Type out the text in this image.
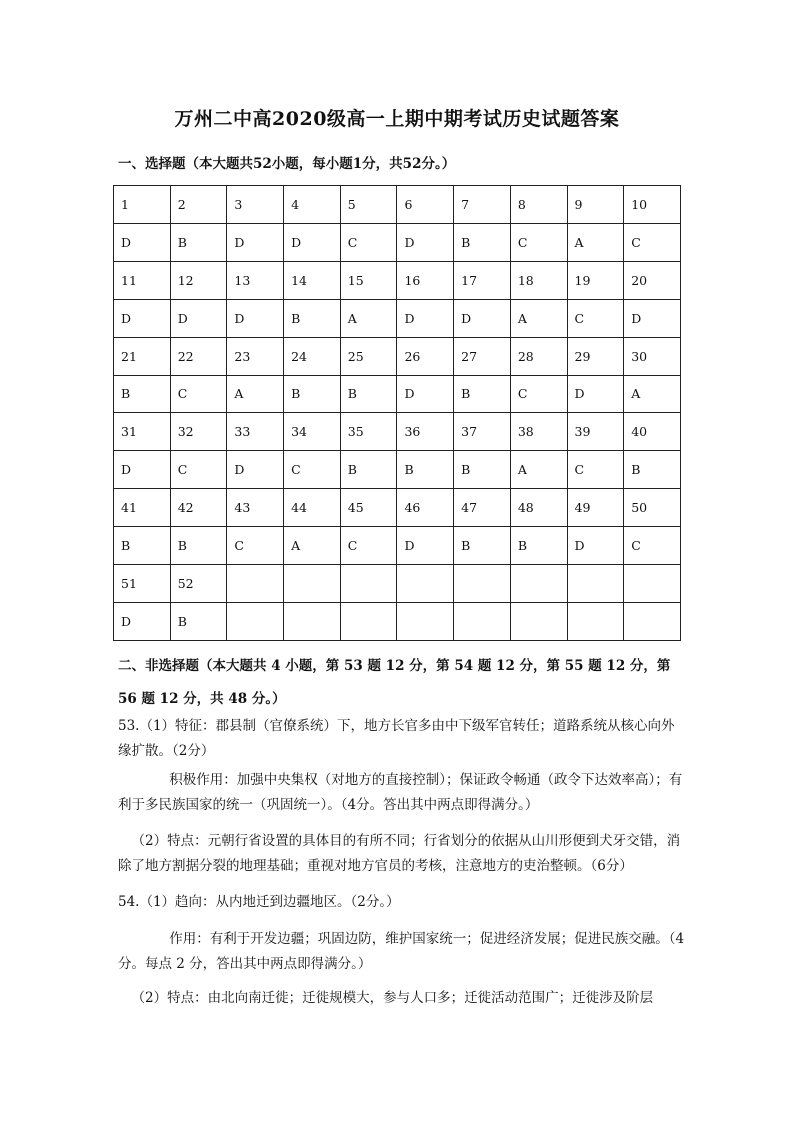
万州二中高2020级高一上期中期考试历史试题答案

一、选择题（本大题共52小题，每小题1分，共52分。）

1	2	3	4	5	6	7	8	9	10
D	B	D	D	C	D	B	C	A	C
11	12	13	14	15	16	17	18	19	20
D	D	D	B	A	D	D	A	C	D
21	22	23	24	25	26	27	28	29	30
B	C	A	B	B	D	B	C	D	A
31	32	33	34	35	36	37	38	39	40
D	C	D	C	B	B	B	A	C	B
41	42	43	44	45	46	47	48	49	50
B	B	C	A	C	D	B	B	D	C
51	52								
D	B								

二、非选择题（本大题共 4 小题，第 53 题 12 分，第 54 题 12 分，第 55 题 12 分，第 56 题 12 分，共 48 分。）

53.（1）特征：郡县制（官僚系统）下，地方长官多由中下级军官转任；道路系统从核心向外缘扩散。（2分）

积极作用：加强中央集权（对地方的直接控制）；保证政令畅通（政令下达效率高）；有利于多民族国家的统一（巩固统一）。（4分。答出其中两点即得满分。）

（2）特点：元朝行省设置的具体目的有所不同；行省划分的依据从山川形便到犬牙交错，消除了地方割据分裂的地理基础；重视对地方官员的考核，注意地方的吏治整顿。（6分）

54.（1）趋向：从内地迁到边疆地区。（2分。）

作用：有利于开发边疆；巩固边防，维护国家统一；促进经济发展；促进民族交融。（4分。每点 2 分，答出其中两点即得满分。）

（2）特点：由北向南迁徙；迁徙规模大，参与人口多；迁徙活动范围广；迁徙涉及阶层
